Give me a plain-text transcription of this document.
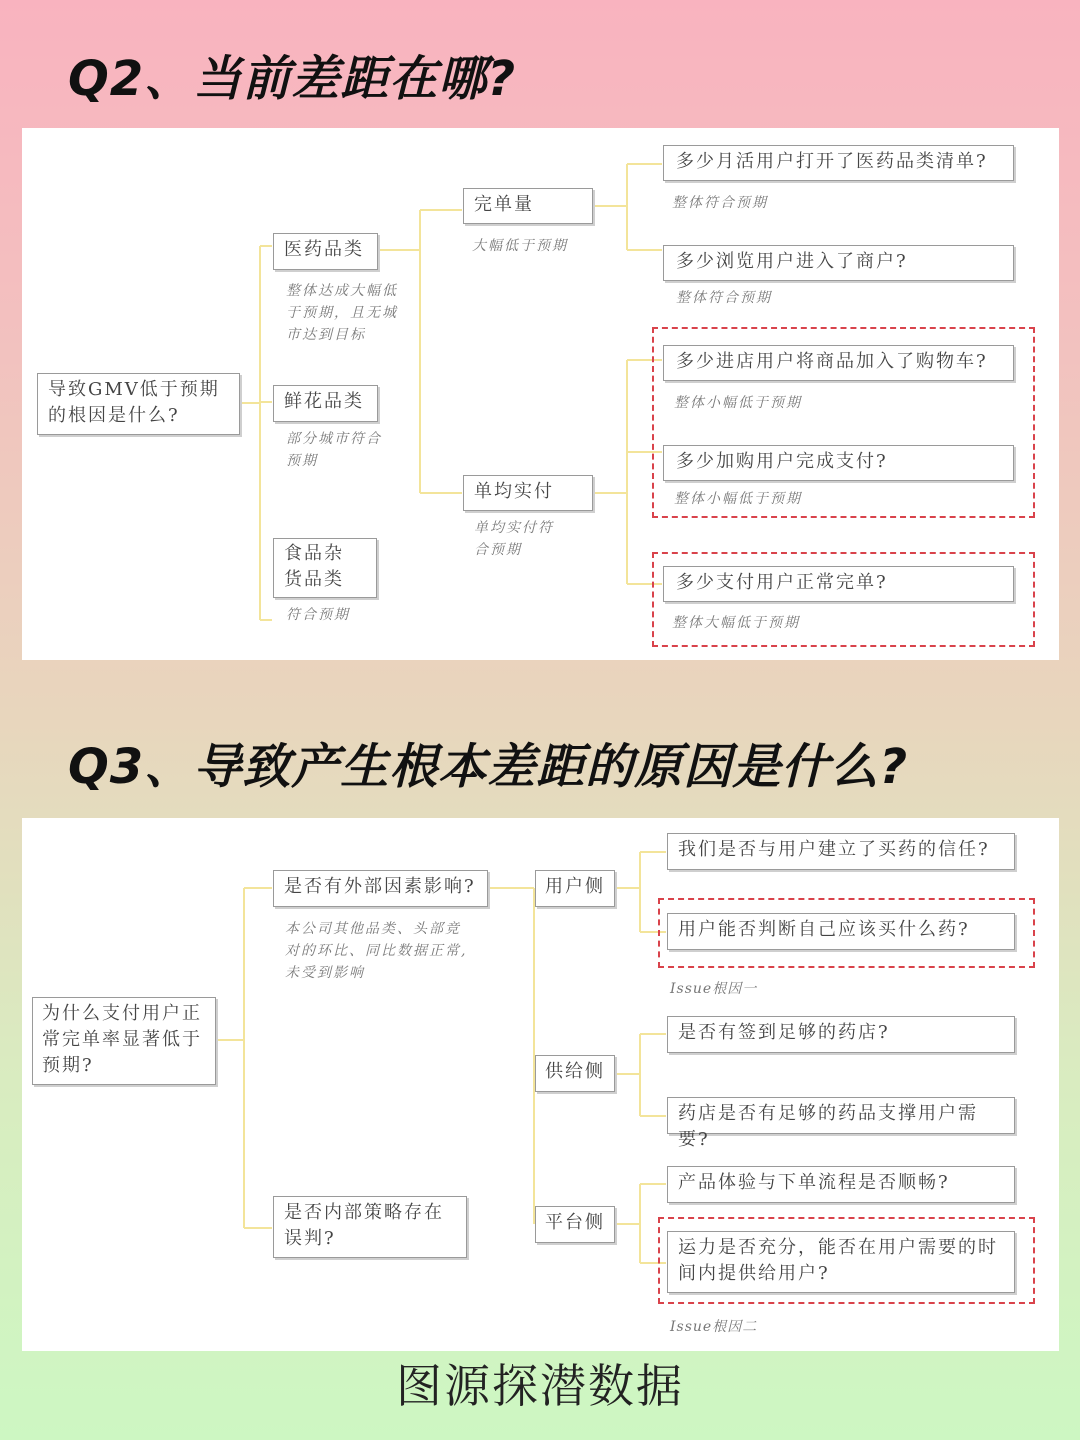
Q2、当前差距在哪?
导致GMV低于预期
的根因是什么?
医药品类
整体达成大幅低
于预期，且无城
市达到目标
鲜花品类
部分城市符合
预期
食品杂
货品类
符合预期
完单量
大幅低于预期
单均实付
单均实付符
合预期
多少月活用户打开了医药品类清单?
整体符合预期
多少浏览用户进入了商户?
整体符合预期
多少进店用户将商品加入了购物车?
整体小幅低于预期
多少加购用户完成支付?
整体小幅低于预期
多少支付用户正常完单?
整体大幅低于预期
Q3、导致产生根本差距的原因是什么?
为什么支付用户正
常完单率显著低于
预期?
是否有外部因素影响?
本公司其他品类、头部竞
对的环比、同比数据正常,
未受到影响
是否内部策略存在
误判?
用户侧
供给侧
平台侧
我们是否与用户建立了买药的信任?
用户能否判断自己应该买什么药?
是否有签到足够的药店?
药店是否有足够的药品支撑用户需要?
产品体验与下单流程是否顺畅?
运力是否充分，能否在用户需要的时
间内提供给用户?
Issue根因一
Issue根因二
图源探潜数据
